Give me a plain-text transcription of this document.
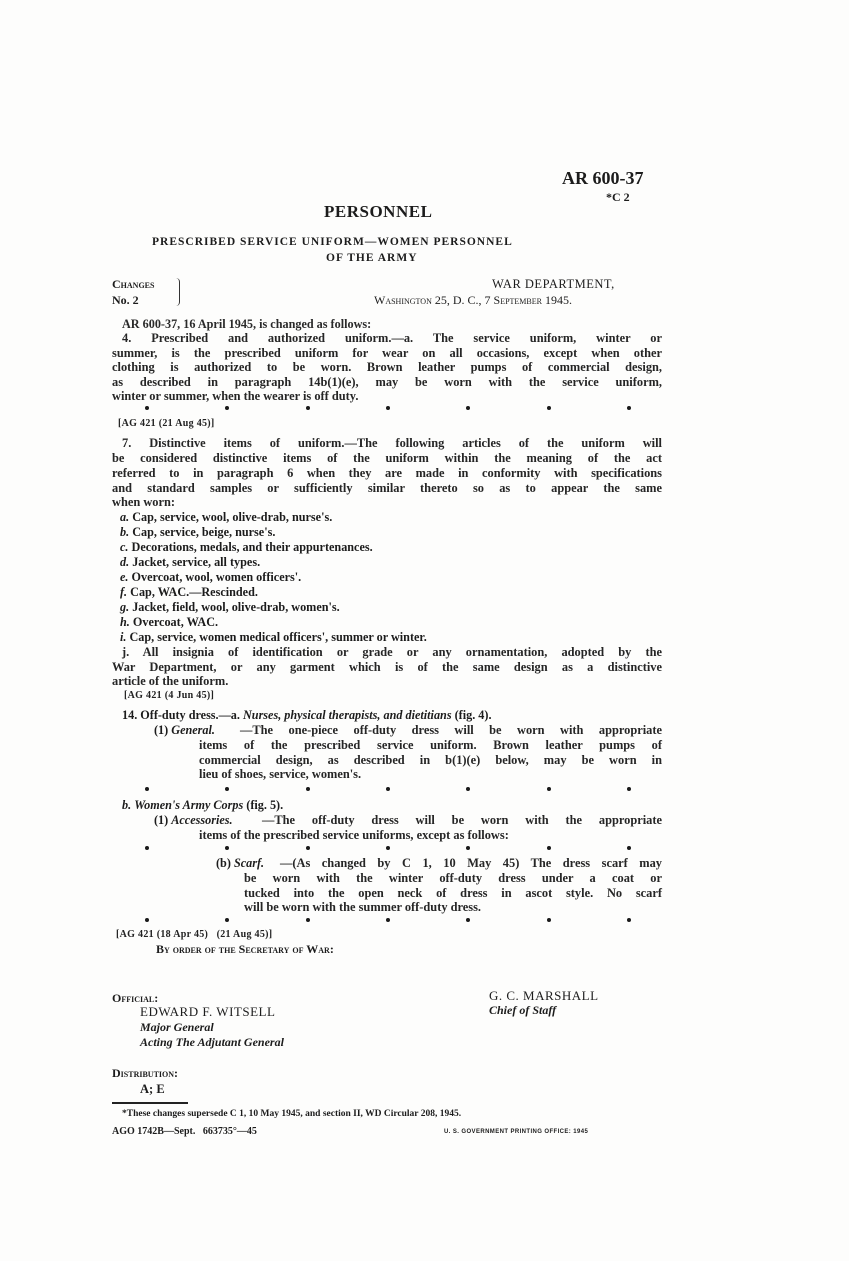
AR 600-37
*C 2
PERSONNEL
PRESCRIBED SERVICE UNIFORM—WOMEN PERSONNEL
OF THE ARMY
Changes
No. 2
WAR DEPARTMENT,
Washington 25, D. C., 7 September 1945.
AR 600-37, 16 April 1945, is changed as follows:
4. Prescribed and authorized uniform.—a. The service uniform, winter or
summer, is the prescribed uniform for wear on all occasions, except when other
clothing is authorized to be worn. Brown leather pumps of commercial design,
as described in paragraph 14b(1)(e), may be worn with the service uniform,
winter or summer, when the wearer is off duty.
[AG 421 (21 Aug 45)]
7. Distinctive items of uniform.—The following articles of the uniform will
be considered distinctive items of the uniform within the meaning of the act
referred to in paragraph 6 when they are made in conformity with specifications
and standard samples or sufficiently similar thereto so as to appear the same
when worn:
a. Cap, service, wool, olive-drab, nurse's.
b. Cap, service, beige, nurse's.
c. Decorations, medals, and their appurtenances.
d. Jacket, service, all types.
e. Overcoat, wool, women officers'.
f. Cap, WAC.—Rescinded.
g. Jacket, field, wool, olive-drab, women's.
h. Overcoat, WAC.
i. Cap, service, women medical officers', summer or winter.
j. All insignia of identification or grade or any ornamentation, adopted by the
War Department, or any garment which is of the same design as a distinctive
article of the uniform.
[AG 421 (4 Jun 45)]
14. Off-duty dress.—a. Nurses, physical therapists, and dietitians (fig. 4).
(1) General. —The one-piece off-duty dress will be worn with appropriate
items of the prescribed service uniform. Brown leather pumps of
commercial design, as described in b(1)(e) below, may be worn in
lieu of shoes, service, women's.
b. Women's Army Corps (fig. 5).
(1) Accessories. —The off-duty dress will be worn with the appropriate
items of the prescribed service uniforms, except as follows:
(b) Scarf. —(As changed by C 1, 10 May 45) The dress scarf may
be worn with the winter off-duty dress under a coat or
tucked into the open neck of dress in ascot style. No scarf
will be worn with the summer off-duty dress.
[AG 421 (18 Apr 45)   (21 Aug 45)]
By order of the Secretary of War:
Official:
EDWARD F. WITSELL
Major General
Acting The Adjutant General
G. C. MARSHALL
Chief of Staff
Distribution:
A; E
*These changes supersede C 1, 10 May 1945, and section II, WD Circular 208, 1945.
AGO 1742B—Sept.   663735°—45	U. S. GOVERNMENT PRINTING OFFICE: 1945
